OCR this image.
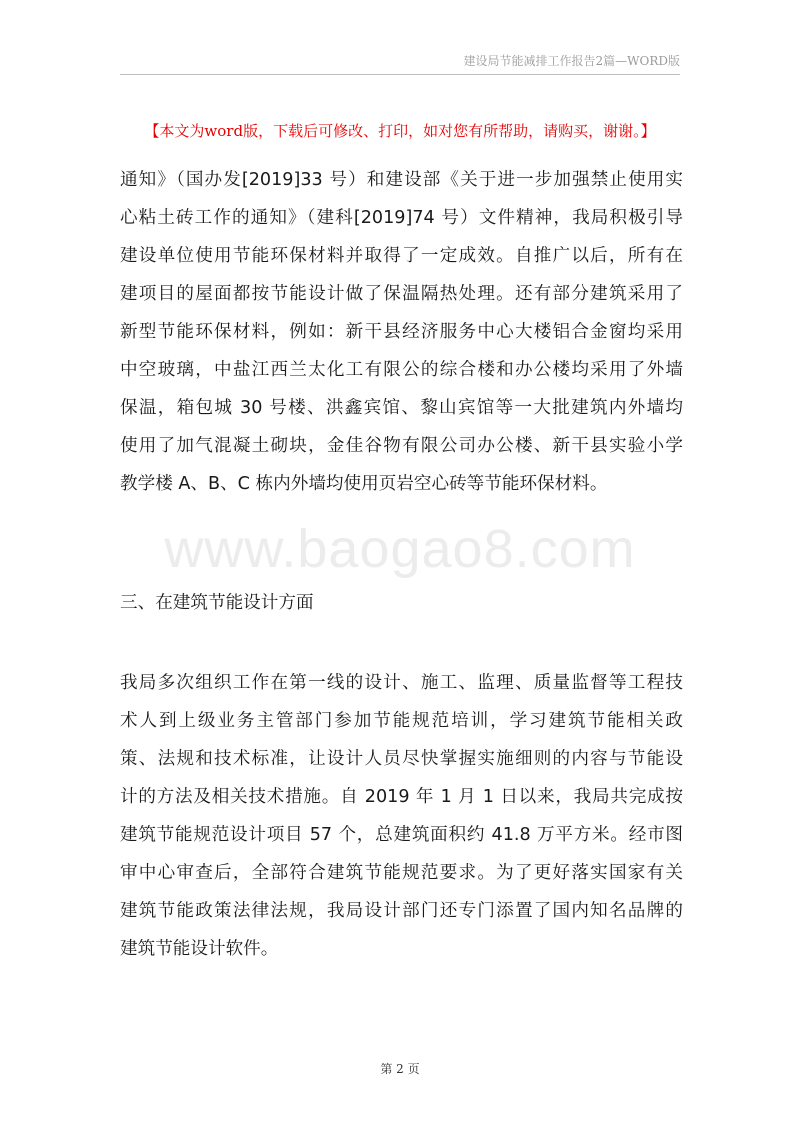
建设局节能减排工作报告2篇—WORD版
【本文为word版，下载后可修改、打印，如对您有所帮助，请购买，谢谢。】
通知》（国办发[2019]33 号）和建设部《关于进一步加强禁止使用实
心粘土砖工作的通知》（建科[2019]74 号）文件精神，我局积极引导
建设单位使用节能环保材料并取得了一定成效。自推广以后，所有在
建项目的屋面都按节能设计做了保温隔热处理。还有部分建筑采用了
新型节能环保材料，例如：新干县经济服务中心大楼铝合金窗均采用
中空玻璃，中盐江西兰太化工有限公的综合楼和办公楼均采用了外墙
保温，箱包城 30 号楼、洪鑫宾馆、黎山宾馆等一大批建筑内外墙均
使用了加气混凝土砌块，金佳谷物有限公司办公楼、新干县实验小学
教学楼 A、B、C 栋内外墙均使用页岩空心砖等节能环保材料。
www.baogao8.com

三、在建筑节能设计方面

我局多次组织工作在第一线的设计、施工、监理、质量监督等工程技
术人到上级业务主管部门参加节能规范培训，学习建筑节能相关政
策、法规和技术标准，让设计人员尽快掌握实施细则的内容与节能设
计的方法及相关技术措施。自 2019 年 1 月 1 日以来，我局共完成按
建筑节能规范设计项目 57 个，总建筑面积约 41.8 万平方米。经市图
审中心审查后，全部符合建筑节能规范要求。为了更好落实国家有关
建筑节能政策法律法规，我局设计部门还专门添置了国内知名品牌的
建筑节能设计软件。
第 2 页
